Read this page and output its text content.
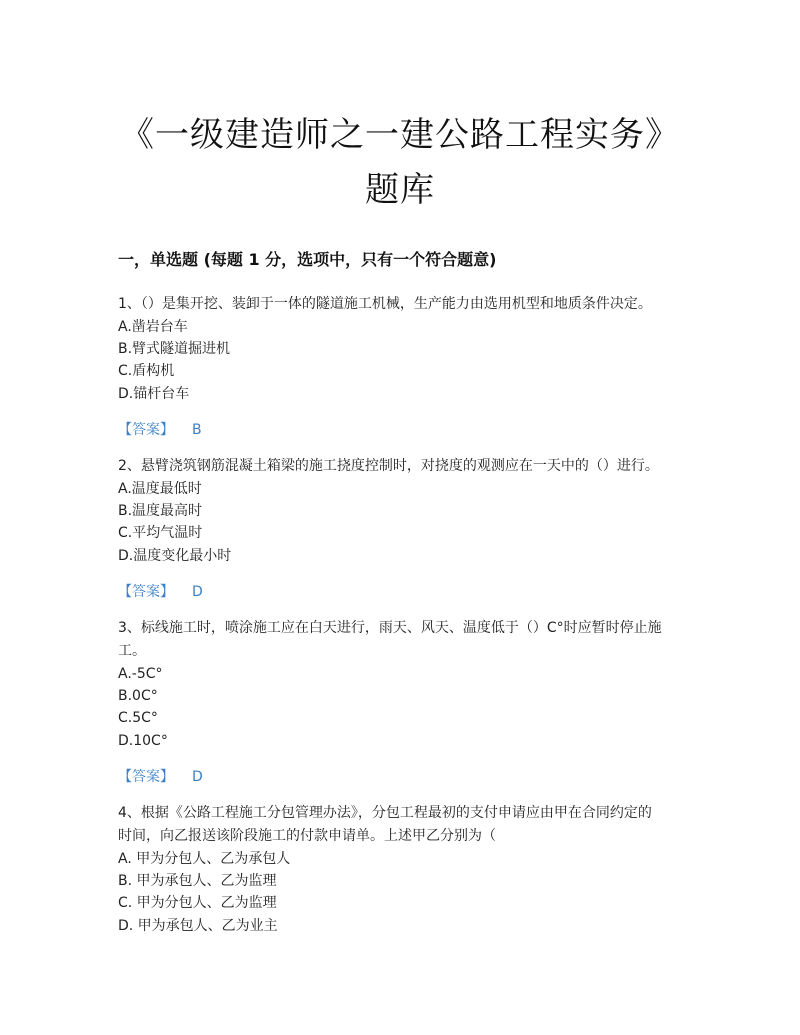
《一级建造师之一建公路工程实务》
题库
一，单选题 (每题 1 分，选项中，只有一个符合题意)
1、（）是集开挖、装卸于一体的隧道施工机械，生产能力由选用机型和地质条件决定。
A.凿岩台车
B.臂式隧道掘进机
C.盾构机
D.锚杆台车
【答案】 B
2、悬臂浇筑钢筋混凝土箱梁的施工挠度控制时，对挠度的观测应在一天中的（）进行。
A.温度最低时
B.温度最高时
C.平均气温时
D.温度变化最小时
【答案】 D
3、标线施工时，喷涂施工应在白天进行，雨天、风天、温度低于（）C°时应暂时停止施
工。
A.-5C°
B.0C°
C.5C°
D.10C°
【答案】 D
4、根据《公路工程施工分包管理办法》，分包工程最初的支付申请应由甲在合同约定的
时间，向乙报送该阶段施工的付款申请单。上述甲乙分别为（
A. 甲为分包人、乙为承包人
B. 甲为承包人、乙为监理
C. 甲为分包人、乙为监理
D. 甲为承包人、乙为业主
